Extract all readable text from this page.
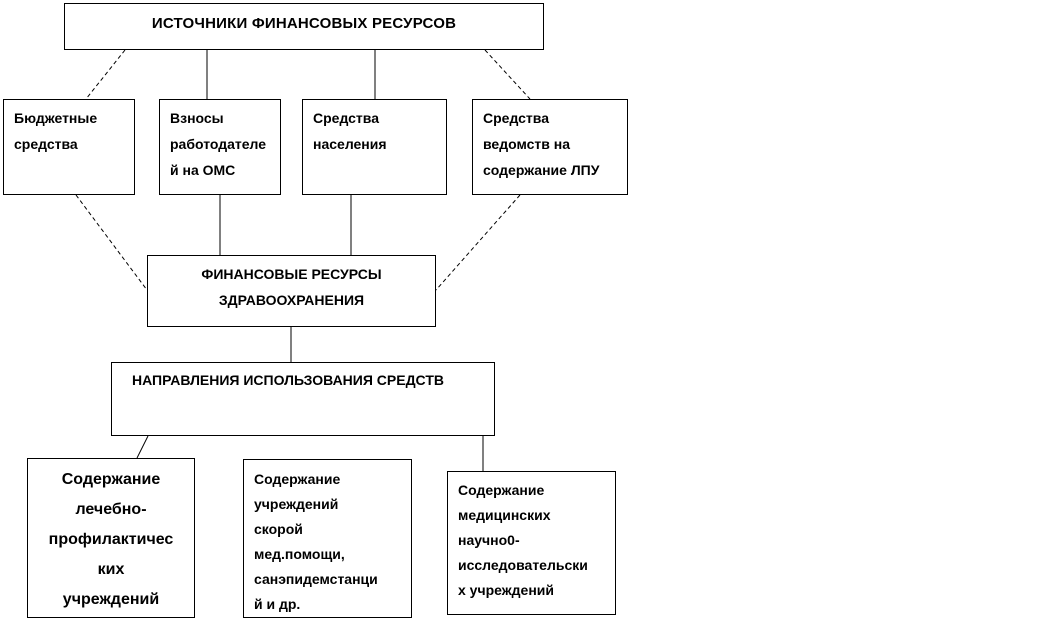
ИСТОЧНИКИ ФИНАНСОВЫХ РЕСУРСОВ
Бюджетные
средства
Взносы
работодателе
й на ОМС
Средства
населения
Средства
ведомств на
содержание ЛПУ
ФИНАНСОВЫЕ РЕСУРСЫ
ЗДРАВООХРАНЕНИЯ
НАПРАВЛЕНИЯ ИСПОЛЬЗОВАНИЯ СРЕДСТВ
Содержание
лечебно-
профилактичес
ких
учреждений
Содержание
учреждений
скорой
мед.помощи,
санэпидемстанци
й и др.
Содержание
медицинских
научно0-
исследовательски
х учреждений
